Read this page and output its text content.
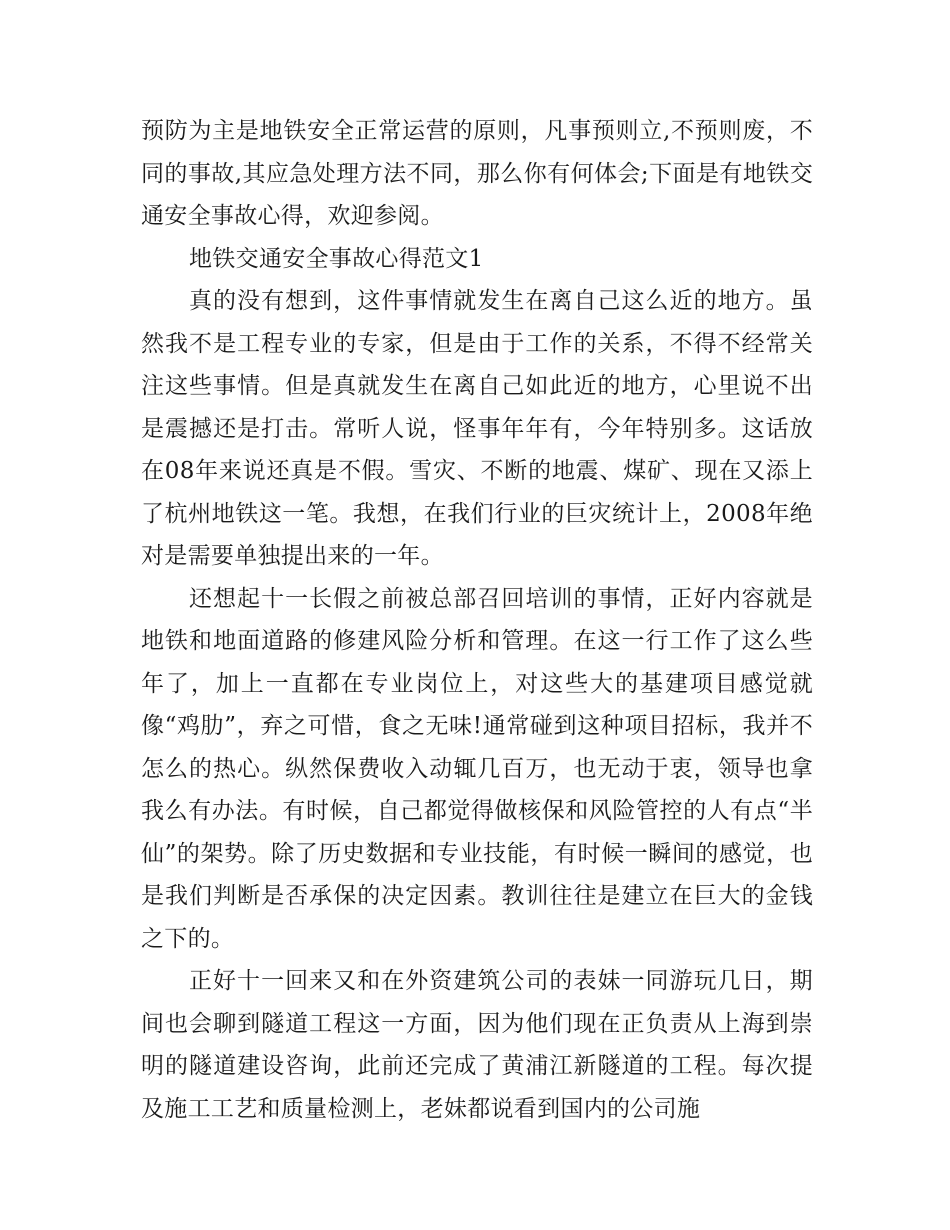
预防为主是地铁安全正常运营的原则，凡事预则立,不预则废，不同的事故,其应急处理方法不同，那么你有何体会;下面是有地铁交通安全事故心得，欢迎参阅。

地铁交通安全事故心得范文1

真的没有想到，这件事情就发生在离自己这么近的地方。虽然我不是工程专业的专家，但是由于工作的关系，不得不经常关注这些事情。但是真就发生在离自己如此近的地方，心里说不出是震撼还是打击。常听人说，怪事年年有，今年特别多。这话放在08年来说还真是不假。雪灾、不断的地震、煤矿、现在又添上了杭州地铁这一笔。我想，在我们行业的巨灾统计上，2008年绝对是需要单独提出来的一年。

还想起十一长假之前被总部召回培训的事情，正好内容就是地铁和地面道路的修建风险分析和管理。在这一行工作了这么些年了，加上一直都在专业岗位上，对这些大的基建项目感觉就像“鸡肋”，弃之可惜，食之无味!通常碰到这种项目招标，我并不怎么的热心。纵然保费收入动辄几百万，也无动于衷，领导也拿我么有办法。有时候，自己都觉得做核保和风险管控的人有点“半仙”的架势。除了历史数据和专业技能，有时候一瞬间的感觉，也是我们判断是否承保的决定因素。教训往往是建立在巨大的金钱之下的。

正好十一回来又和在外资建筑公司的表妹一同游玩几日，期间也会聊到隧道工程这一方面，因为他们现在正负责从上海到崇明的隧道建设咨询，此前还完成了黄浦江新隧道的工程。每次提及施工工艺和质量检测上，老妹都说看到国内的公司施
